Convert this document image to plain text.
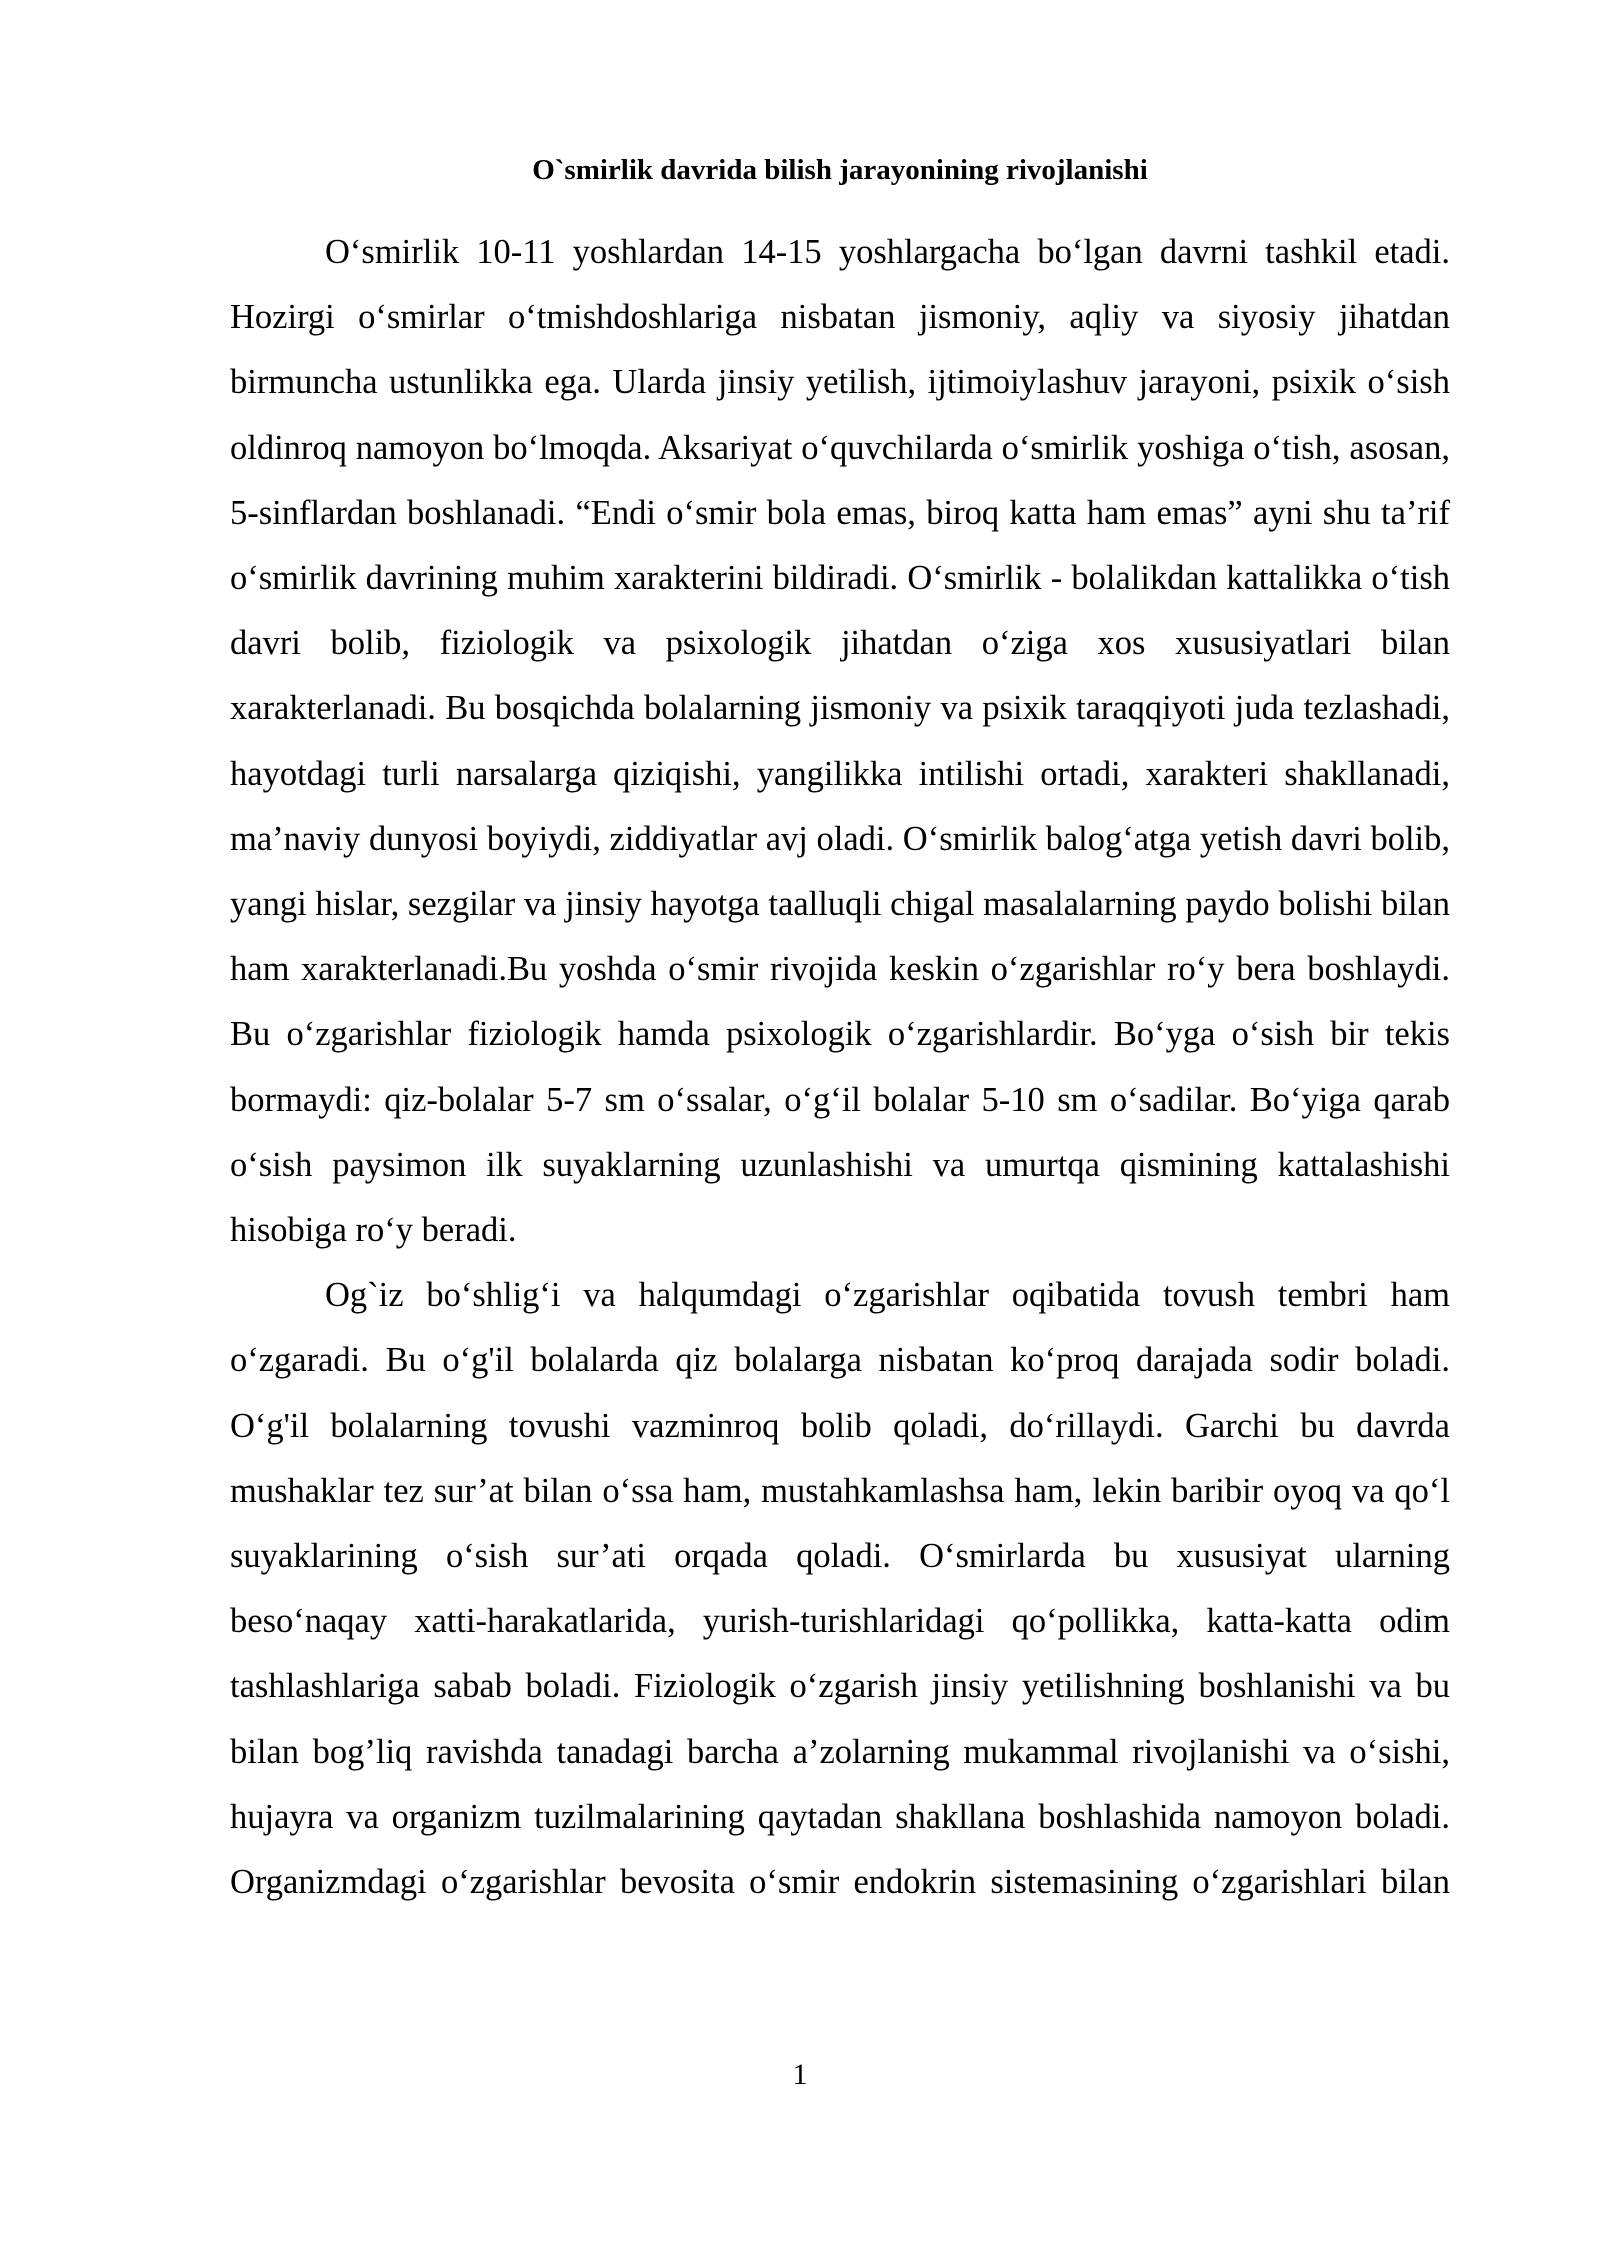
O`smirlik davrida bilish jarayonining rivojlanishi

O‘smirlik 10-11 yoshlardan 14-15 yoshlargacha bo‘lgan davrni tashkil etadi. Hozirgi o‘smirlar o‘tmishdoshlariga nisbatan jismoniy, aqliy va siyosiy jihatdan birmuncha ustunlikka ega. Ularda jinsiy yetilish, ijtimoiylashuv jarayoni, psixik o‘sish oldinroq namoyon bo‘lmoqda. Aksariyat o‘quvchilarda o‘smirlik yoshiga o‘tish, asosan, 5-sinflardan boshlanadi. “Endi o‘smir bola emas, biroq katta ham emas” ayni shu ta’rif o‘smirlik davrining muhim xarakterini bildiradi. O‘smirlik - bolalikdan kattalikka o‘tish davri bolib, fiziologik va psixologik jihatdan o‘ziga xos xususiyatlari bilan xarakterlanadi. Bu bosqichda bolalarning jismoniy va psixik taraqqiyoti juda tezlashadi, hayotdagi turli narsalarga qiziqishi, yangilikka intilishi ortadi, xarakteri shakllanadi, ma’naviy dunyosi boyiydi, ziddiyatlar avj oladi. O‘smirlik balog‘atga yetish davri bolib, yangi hislar, sezgilar va jinsiy hayotga taalluqli chigal masalalarning paydo bolishi bilan ham xarakterlanadi.Bu yoshda o‘smir rivojida keskin o‘zgarishlar ro‘y bera boshlaydi. Bu o‘zgarishlar fiziologik hamda psixologik o‘zgarishlardir. Bo‘yga o‘sish bir tekis bormaydi: qiz-bolalar 5-7 sm o‘ssalar, o‘g‘il bolalar 5-10 sm o‘sadilar. Bo‘yiga qarab o‘sish paysimon ilk suyaklarning uzunlashishi va umurtqa qismining kattalashishi hisobiga ro‘y beradi.

Og`iz bo‘shlig‘i va halqumdagi o‘zgarishlar oqibatida tovush tembri ham o‘zgaradi. Bu o‘g'il bolalarda qiz bolalarga nisbatan ko‘proq darajada sodir boladi. O‘g'il bolalarning tovushi vazminroq bolib qoladi, do‘rillaydi. Garchi bu davrda mushaklar tez sur’at bilan o‘ssa ham, mustahkamlashsa ham, lekin baribir oyoq va qo‘l suyaklarining o‘sish sur’ati orqada qoladi. O‘smirlarda bu xususiyat ularning beso‘naqay xatti-harakatlarida, yurish-turishlaridagi qo‘pollikka, katta-katta odim tashlashlariga sabab boladi. Fiziologik o‘zgarish jinsiy yetilishning boshlanishi va bu bilan bog’liq ravishda tanadagi barcha a’zolarning mukammal rivojlanishi va o‘sishi, hujayra va organizm tuzilmalarining qaytadan shakllana boshlashida namoyon boladi. Organizmdagi o‘zgarishlar bevosita o‘smir endokrin sistemasining o‘zgarishlari bilan

1
